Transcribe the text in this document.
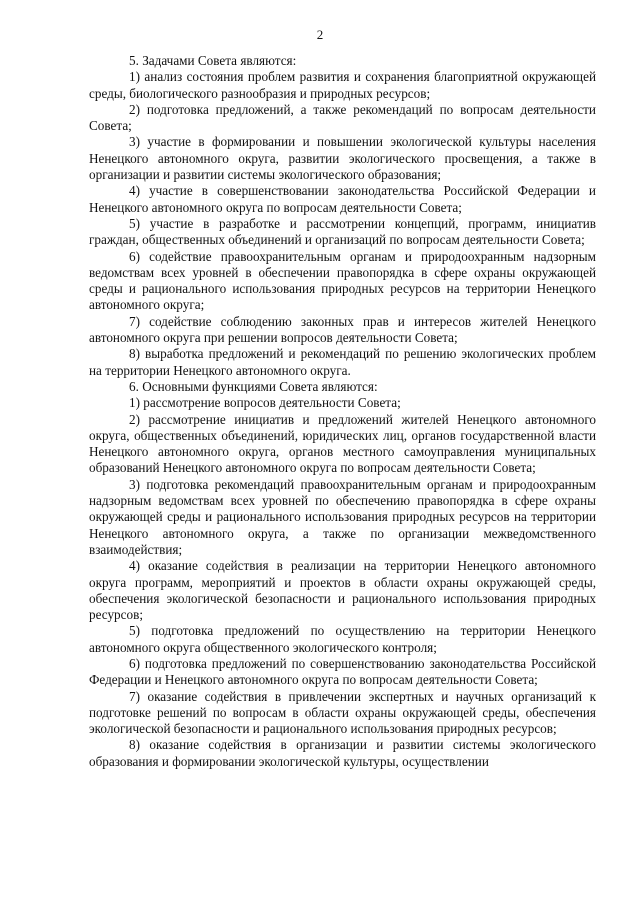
2

5. Задачами Совета являются:

1) анализ состояния проблем развития и сохранения благоприятной окружающей среды, биологического разнообразия и природных ресурсов;

2) подготовка предложений, а также рекомендаций по вопросам деятельности Совета;

3) участие в формировании и повышении экологической культуры населения Ненецкого автономного округа, развитии экологического просвещения, а также в организации и развитии системы экологического образования;

4) участие в совершенствовании законодательства Российской Федерации и Ненецкого автономного округа по вопросам деятельности Совета;

5) участие в разработке и рассмотрении концепций, программ, инициатив граждан, общественных объединений и организаций по вопросам деятельности Совета;

6) содействие правоохранительным органам и природоохранным надзорным ведомствам всех уровней в обеспечении правопорядка в сфере охраны окружающей среды и рационального использования природных ресурсов на территории Ненецкого автономного округа;

7) содействие соблюдению законных прав и интересов жителей Ненецкого автономного округа при решении вопросов деятельности Совета;

8) выработка предложений и рекомендаций по решению экологических проблем на территории Ненецкого автономного округа.

6. Основными функциями Совета являются:

1) рассмотрение вопросов деятельности Совета;

2) рассмотрение инициатив и предложений жителей Ненецкого автономного округа, общественных объединений, юридических лиц, органов государственной власти Ненецкого автономного округа, органов местного самоуправления муниципальных образований Ненецкого автономного округа по вопросам деятельности Совета;

3) подготовка рекомендаций правоохранительным органам и природоохранным надзорным ведомствам всех уровней по обеспечению правопорядка в сфере охраны окружающей среды и рационального использования природных ресурсов на территории Ненецкого автономного округа, а также по организации межведомственного взаимодействия;

4) оказание содействия в реализации на территории Ненецкого автономного округа программ, мероприятий и проектов в области охраны окружающей среды, обеспечения экологической безопасности и рационального использования природных ресурсов;

5) подготовка предложений по осуществлению на территории Ненецкого автономного округа общественного экологического контроля;

6) подготовка предложений по совершенствованию законодательства Российской Федерации и Ненецкого автономного округа по вопросам деятельности Совета;

7) оказание содействия в привлечении экспертных и научных организаций к подготовке решений по вопросам в области охраны окружающей среды, обеспечения экологической безопасности и рационального использования природных ресурсов;

8) оказание содействия в организации и развитии системы экологического образования и формировании экологической культуры, осуществлении
